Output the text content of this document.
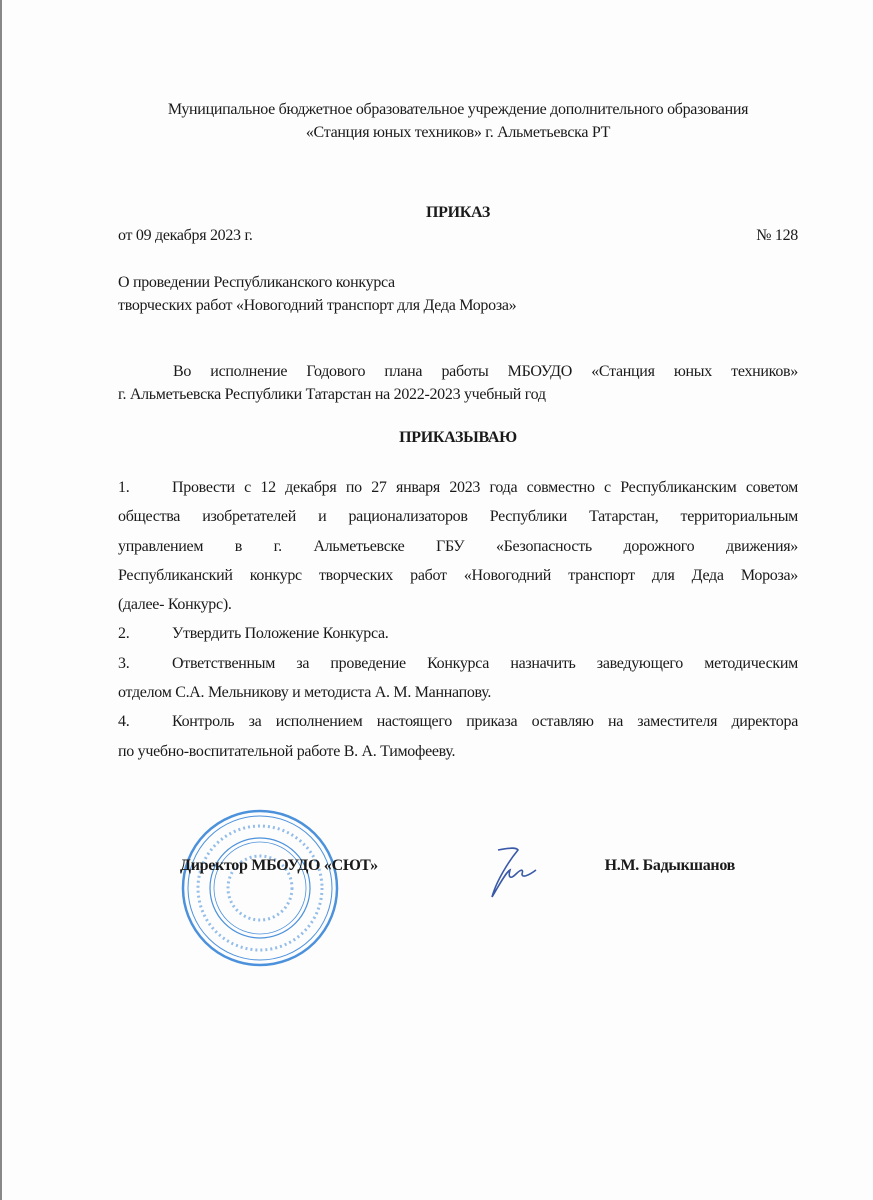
Муниципальное бюджетное образовательное учреждение дополнительного образования
«Станция юных техников» г. Альметьевска РТ
ПРИКАЗ
от 09 декабря 2023 г.	№ 128
О проведении Республиканского конкурса
творческих работ «Новогодний транспорт для Деда Мороза»
Во исполнение Годового плана работы МБОУДО «Станция юных техников»
г. Альметьевска Республики Татарстан на 2022-2023 учебный год
ПРИКАЗЫВАЮ
1.	Провести с 12 декабря по 27 января 2023 года совместно с Республиканским советом
общества изобретателей и рационализаторов Республики Татарстан, территориальным
управлением в г. Альметьевске ГБУ «Безопасность дорожного движения»
Республиканский конкурс творческих работ «Новогодний транспорт для Деда Мороза»
(далее- Конкурс).
2.	Утвердить Положение Конкурса.
3.	Ответственным за проведение Конкурса назначить заведующего методическим
отделом С.А. Мельникову и методиста А. М. Маннапову.
4.	Контроль за исполнением настоящего приказа оставляю на заместителя директора
по учебно-воспитательной работе В. А. Тимофееву.
Директор МБОУДО «СЮТ»	Н.М. Бадыкшанов
